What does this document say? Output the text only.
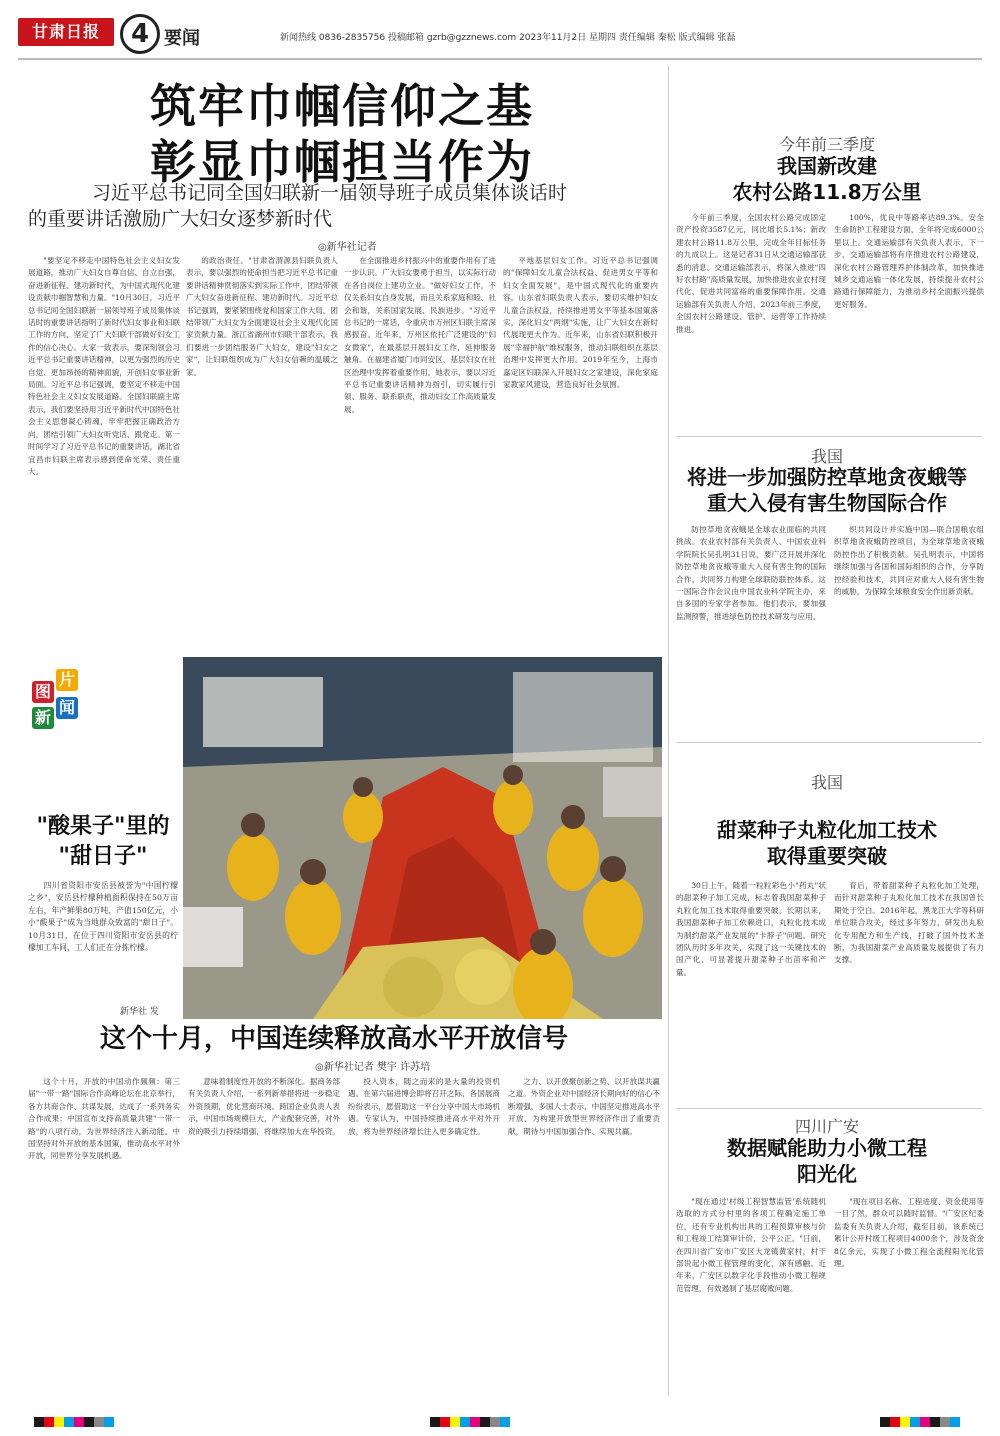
甘肃日报	4 要闻	新闻热线 0836-2835756 投稿邮箱 gzrb@gzznews.com 2023年11月2日 星期四 责任编辑 秦松 版式编辑 张磊
筑牢巾帼信仰之基
彰显巾帼担当作为
习近平总书记同全国妇联新一届领导班子成员集体谈话时
的重要讲话激励广大妇女逐梦新时代
◎新华社记者

"要坚定不移走中国特色社会主义妇女发展道路，推动广大妇女自尊自信、自立自强，奋进新征程、建功新时代，为中国式现代化建设贡献巾帼智慧和力量。"10月30日，习近平总书记同全国妇联新一届领导班子成员集体谈话时的重要讲话指明了新时代妇女事业和妇联工作的方向，坚定了广大妇联干部做好妇女工作的信心决心。大家一致表示，要深刻领会习近平总书记重要讲话精神，以更为强烈的历史自觉、更加昂扬的精神面貌，开创妇女事业新局面。习近平总书记强调，要坚定不移走中国特色社会主义妇女发展道路。全国妇联副主席表示，我们要坚持用习近平新时代中国特色社会主义思想凝心铸魂，牢牢把握正确政治方向，团结引领广大妇女听党话、跟党走。第一时间学习了习近平总书记的重要讲话，湖北省宜昌市妇联主席表示感到使命光荣、责任重大。

的政治责任。"甘肃省渭源县妇联负责人表示，要以强烈的使命担当把习近平总书记重要讲话精神贯彻落实到实际工作中，团结带领广大妇女奋进新征程、建功新时代。习近平总书记强调，要紧紧围绕党和国家工作大局，团结带领广大妇女为全面建设社会主义现代化国家贡献力量。浙江省湖州市妇联干部表示，我们要进一步团结服务广大妇女，建设"妇女之家"，让妇联组织成为广大妇女信赖的温暖之家。

在全面推进乡村振兴中的重要作用有了进一步认识。广大妇女要勇于担当，以实际行动在各自岗位上建功立业。"做好妇女工作，不仅关系妇女自身发展，而且关系家庭和睦、社会和谐，关系国家发展、民族进步。"习近平总书记的一席话，令重庆市万州区妇联主席深感振奋。近年来，万州区依托广泛建设的"妇女微家"，在最基层开展妇女工作，延伸服务触角。在福建省厦门市同安区，基层妇女在社区治理中发挥着重要作用。她表示，要以习近平总书记重要讲话精神为指引，切实履行引领、服务、联系职责，推动妇女工作高质量发展。

平地基层妇女工作。习近平总书记强调的"保障妇女儿童合法权益、促进男女平等和妇女全面发展"，是中国式现代化的重要内容。山东省妇联负责人表示，要切实维护妇女儿童合法权益，持续推进男女平等基本国策落实，深化妇女"两纲"实施，让广大妇女在新时代展现更大作为。近年来，山东省妇联积极开展"幸福护航"维权服务，推动妇联组织在基层治理中发挥更大作用。2019年至今，上海市嘉定区妇联深入开展妇女之家建设，深化家庭家教家风建设，营造良好社会氛围。

图
片
新
闻
"酸果子"里的
"甜日子"

四川省资阳市安岳县被誉为"中国柠檬之乡"，安岳县柠檬种植面积保持在50万亩左右，年产鲜果80万吨，产值150亿元，小小"酸果子"成为当地群众致富的"甜日子"。10月31日，在位于四川资阳市安岳县的柠檬加工车间，工人们正在分拣柠檬。

新华社 发
今年前三季度
我国新改建
农村公路11.8万公里

今年前三季度，全国农村公路完成固定资产投资3587亿元，同比增长5.1%；新改建农村公路11.8万公里，完成全年目标任务的九成以上。这是记者31日从交通运输部获悉的消息。交通运输部表示，将深入推进"四好农村路"高质量发展，加快推进农业农村现代化，促进共同富裕的重要保障作用。交通运输部有关负责人介绍，2023年前三季度，全国农村公路建设、管护、运营等工作持续推进。

100%，优良中等路率达89.3%。安全生命防护工程建设方面，全年将完成6000公里以上。交通运输部有关负责人表示，下一步，交通运输部将有序推进农村公路建设，深化农村公路管理养护体制改革，加快推进城乡交通运输一体化发展，持续提升农村公路通行保障能力，为推动乡村全面振兴提供更好服务。

我国
将进一步加强防控草地贪夜蛾等
重大入侵有害生物国际合作

防控草地贪夜蛾是全球农业面临的共同挑战。农业农村部有关负责人、中国农业科学院院长吴孔明31日说，要广泛开展并深化防控草地贪夜蛾等重大入侵有害生物的国际合作，共同努力构建全球联防联控体系。这一国际合作会议由中国农业科学院主办，来自多国的专家学者参加。他们表示，要加强监测预警，推进绿色防控技术研发与应用。

织共同设计并实施中国—联合国粮农组织草地贪夜蛾防控项目，为全球草地贪夜蛾防控作出了积极贡献。吴孔明表示，中国将继续加强与各国和国际组织的合作，分享防控经验和技术，共同应对重大入侵有害生物的威胁，为保障全球粮食安全作出新贡献。

我国
甜菜种子丸粒化加工技术
取得重要突破

30日上午，随着一粒粒彩色小"药丸"状的甜菜种子加工完成，标志着我国甜菜种子丸粒化加工技术取得重要突破。长期以来，我国甜菜种子加工依赖进口，丸粒化技术成为制约甜菜产业发展的"卡脖子"问题。研究团队历时多年攻关，实现了这一关键技术的国产化，可显著提升甜菜种子出苗率和产量。

育后，带着甜菜种子丸粒化加工处理，而针对甜菜种子丸粒化加工技术在我国曾长期处于空白。2016年起，黑龙江大学等科研单位联合攻关，经过多年努力，研发出丸粒化专用配方和生产线，打破了国外技术垄断，为我国甜菜产业高质量发展提供了有力支撑。

四川广安
数据赋能助力小微工程
阳光化

"现在通过'村级工程智慧监管'系统随机选取的方式分村里的各项工程确定施工单位，还有专业机构出具的工程预算审核与价和工程竣工结算审计价，公平公正。"日前，在四川省广安市广安区大龙镇黄家村，村干部说起小微工程管理的变化，深有感触。近年来，广安区以数字化手段推动小微工程规范管理，有效遏制了基层腐败问题。

"现在项目名称、工程进度、资金使用等一目了然，群众可以随时监督。"广安区纪委监委有关负责人介绍，截至目前，该系统已累计公开村级工程项目4000余个，涉及资金8亿余元，实现了小微工程全流程阳光化管理。

这个十月，中国连续释放高水平开放信号
◎新华社记者 樊宇 许苏培

这个十月，开放的中国动作频频：第三届"一带一路"国际合作高峰论坛在北京举行，各方共商合作、共谋发展，达成了一系列务实合作成果；中国宣布支持高质量共建"一带一路"的八项行动，为世界经济注入新动能。中国坚持对外开放的基本国策，推动高水平对外开放，同世界分享发展机遇。

意味着制度性开放的不断深化。据商务部有关负责人介绍，一系列新举措将进一步稳定外资预期，优化营商环境。跨国企业负责人表示，中国市场规模巨大，产业配套完善，对外资的吸引力持续增强，将继续加大在华投资。

投入资本，随之而来的是大量的投资机遇。在第六届进博会即将召开之际，各国展商纷纷表示，愿借助这一平台分享中国大市场机遇。专家认为，中国持续推进高水平对外开放，将为世界经济增长注入更多确定性。

之力、以开放聚创新之势、以开放谋共赢之道。外资企业对中国经济长期向好的信心不断增强，多国人士表示，中国坚定推进高水平开放，为构建开放型世界经济作出了重要贡献，期待与中国加强合作、实现共赢。
